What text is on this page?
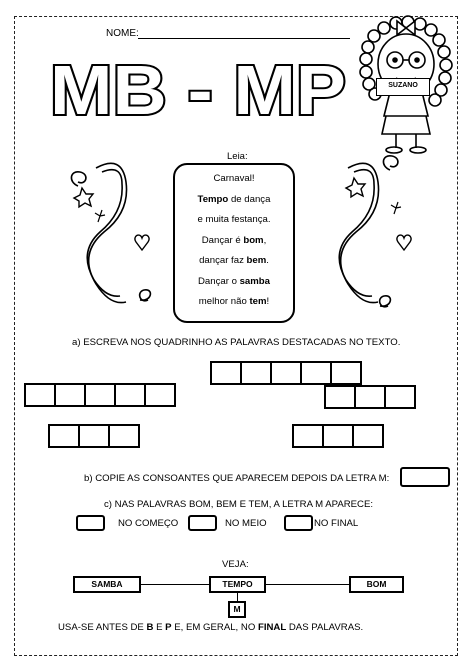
NOME:
MB - MP	SUZANO
Leia:

Carnaval!

Tempo de dança

e muita festança.

Dançar é bom,

dançar faz bem.

Dançar o samba

melhor não tem!

a) ESCREVA NOS QUADRINHO AS PALAVRAS DESTACADAS NO TEXTO.
b) COPIE AS CONSOANTES QUE APARECEM DEPOIS DA LETRA M:
c) NAS PALAVRAS BOM, BEM E TEM, A LETRA M APARECE:
NO COMEÇO	NO MEIO	NO FINAL
VEJA:
SAMBA	TEMPO	BOM
M
USA-SE ANTES DE B E P E, EM GERAL, NO FINAL DAS PALAVRAS.
